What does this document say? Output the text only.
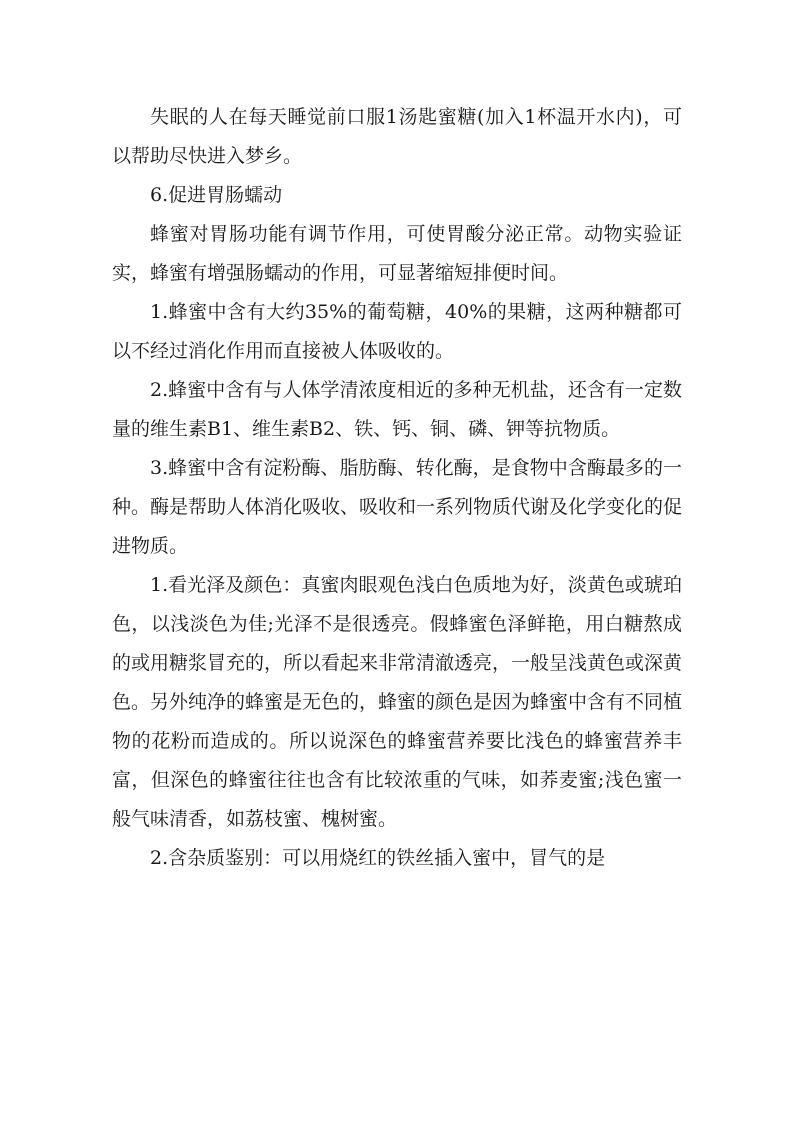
失眠的人在每天睡觉前口服1汤匙蜜糖(加入1杯温开水内)，可以帮助尽快进入梦乡。

6.促进胃肠蠕动

蜂蜜对胃肠功能有调节作用，可使胃酸分泌正常。动物实验证实，蜂蜜有增强肠蠕动的作用，可显著缩短排便时间。

1.蜂蜜中含有大约35%的葡萄糖，40%的果糖，这两种糖都可以不经过消化作用而直接被人体吸收的。

2.蜂蜜中含有与人体学清浓度相近的多种无机盐，还含有一定数量的维生素B1、维生素B2、铁、钙、铜、磷、钾等抗物质。

3.蜂蜜中含有淀粉酶、脂肪酶、转化酶，是食物中含酶最多的一种。酶是帮助人体消化吸收、吸收和一系列物质代谢及化学变化的促进物质。

1.看光泽及颜色：真蜜肉眼观色浅白色质地为好，淡黄色或琥珀色，以浅淡色为佳;光泽不是很透亮。假蜂蜜色泽鲜艳，用白糖熬成的或用糖浆冒充的，所以看起来非常清澈透亮，一般呈浅黄色或深黄色。另外纯净的蜂蜜是无色的，蜂蜜的颜色是因为蜂蜜中含有不同植物的花粉而造成的。所以说深色的蜂蜜营养要比浅色的蜂蜜营养丰富，但深色的蜂蜜往往也含有比较浓重的气味，如荞麦蜜;浅色蜜一般气味清香，如荔枝蜜、槐树蜜。

2.含杂质鉴别：可以用烧红的铁丝插入蜜中，冒气的是
